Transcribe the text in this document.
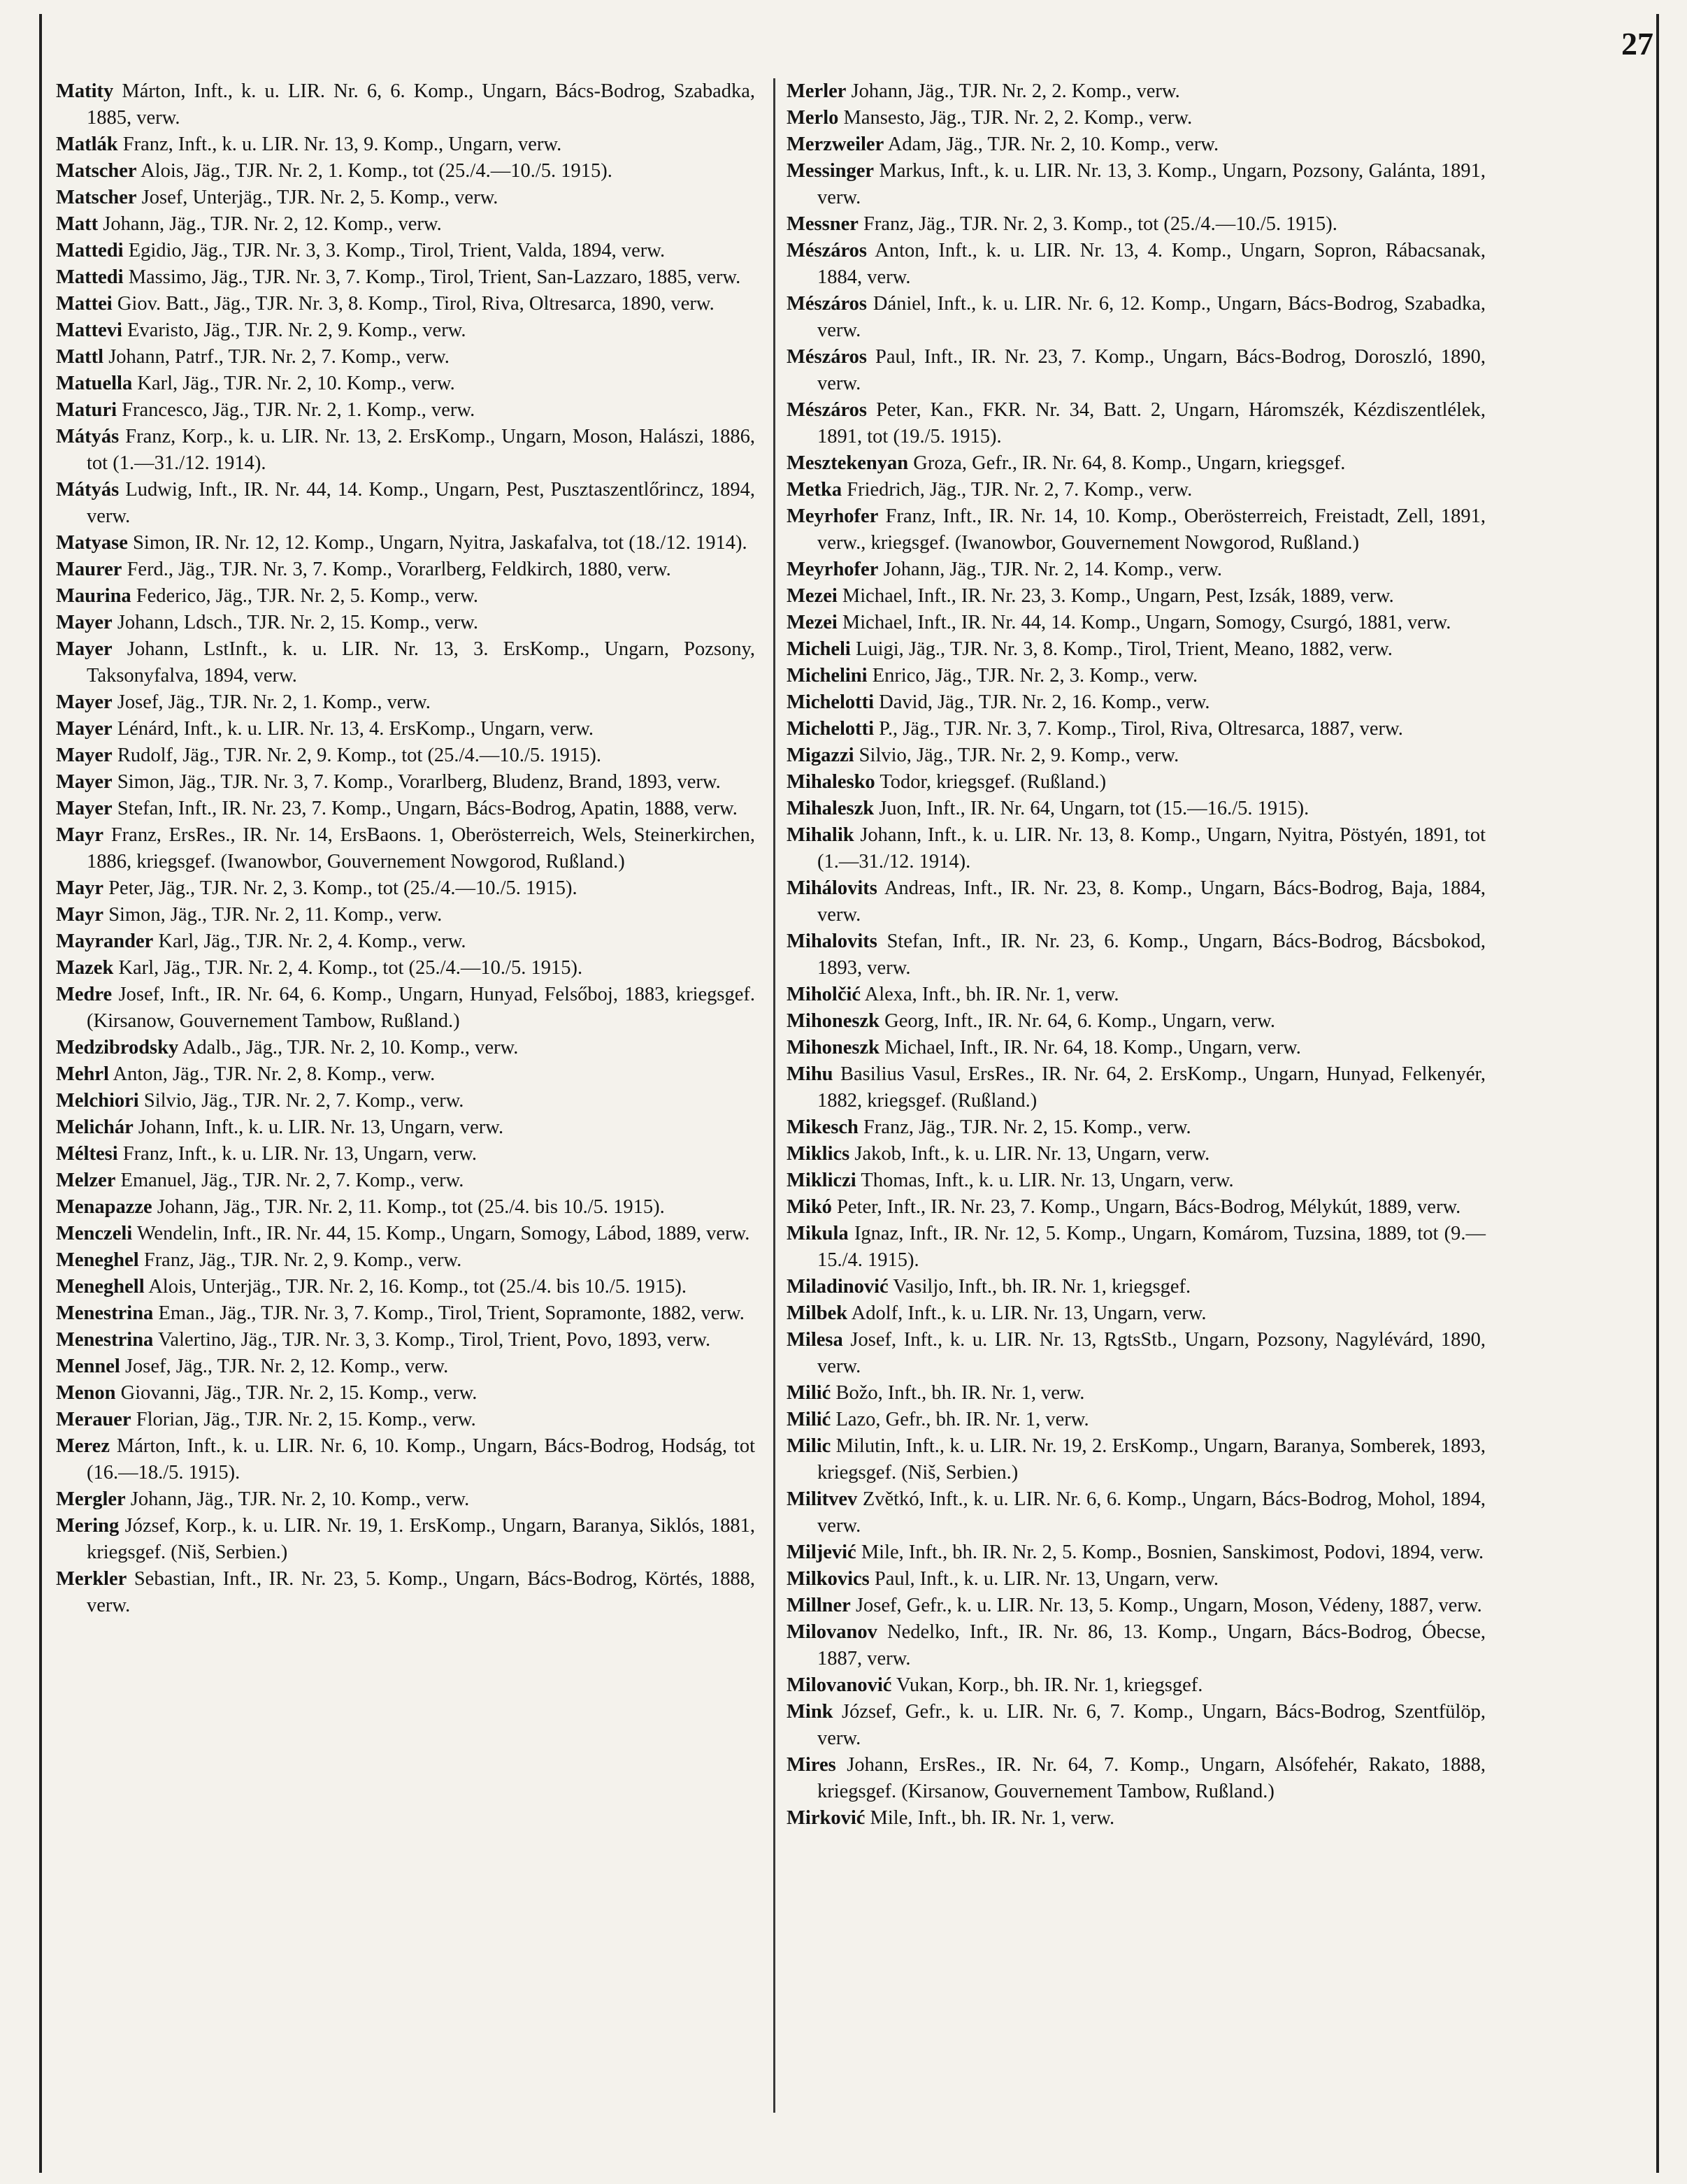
27

Matity Márton, Inft., k. u. LIR. Nr. 6, 6. Komp., Ungarn, Bács-Bodrog, Szabadka, 1885, verw.

Matlák Franz, Inft., k. u. LIR. Nr. 13, 9. Komp., Ungarn, verw.

Matscher Alois, Jäg., TJR. Nr. 2, 1. Komp., tot (25./4.—10./5. 1915).

Matscher Josef, Unterjäg., TJR. Nr. 2, 5. Komp., verw.

Matt Johann, Jäg., TJR. Nr. 2, 12. Komp., verw.

Mattedi Egidio, Jäg., TJR. Nr. 3, 3. Komp., Tirol, Trient, Valda, 1894, verw.

Mattedi Massimo, Jäg., TJR. Nr. 3, 7. Komp., Tirol, Trient, San-Lazzaro, 1885, verw.

Mattei Giov. Batt., Jäg., TJR. Nr. 3, 8. Komp., Tirol, Riva, Oltresarca, 1890, verw.

Mattevi Evaristo, Jäg., TJR. Nr. 2, 9. Komp., verw.

Mattl Johann, Patrf., TJR. Nr. 2, 7. Komp., verw.

Matuella Karl, Jäg., TJR. Nr. 2, 10. Komp., verw.

Maturi Francesco, Jäg., TJR. Nr. 2, 1. Komp., verw.

Mátyás Franz, Korp., k. u. LIR. Nr. 13, 2. ErsKomp., Ungarn, Moson, Halászi, 1886, tot (1.—31./12. 1914).

Mátyás Ludwig, Inft., IR. Nr. 44, 14. Komp., Ungarn, Pest, Pusztaszentlőrincz, 1894, verw.

Matyase Simon, IR. Nr. 12, 12. Komp., Ungarn, Nyitra, Jaskafalva, tot (18./12. 1914).

Maurer Ferd., Jäg., TJR. Nr. 3, 7. Komp., Vorarlberg, Feldkirch, 1880, verw.

Maurina Federico, Jäg., TJR. Nr. 2, 5. Komp., verw.

Mayer Johann, Ldsch., TJR. Nr. 2, 15. Komp., verw.

Mayer Johann, LstInft., k. u. LIR. Nr. 13, 3. ErsKomp., Ungarn, Pozsony, Taksonyfalva, 1894, verw.

Mayer Josef, Jäg., TJR. Nr. 2, 1. Komp., verw.

Mayer Lénárd, Inft., k. u. LIR. Nr. 13, 4. ErsKomp., Ungarn, verw.

Mayer Rudolf, Jäg., TJR. Nr. 2, 9. Komp., tot (25./4.—10./5. 1915).

Mayer Simon, Jäg., TJR. Nr. 3, 7. Komp., Vorarlberg, Bludenz, Brand, 1893, verw.

Mayer Stefan, Inft., IR. Nr. 23, 7. Komp., Ungarn, Bács-Bodrog, Apatin, 1888, verw.

Mayr Franz, ErsRes., IR. Nr. 14, ErsBaons. 1, Oberösterreich, Wels, Steinerkirchen, 1886, kriegsgef. (Iwanowbor, Gouvernement Nowgorod, Rußland.)

Mayr Peter, Jäg., TJR. Nr. 2, 3. Komp., tot (25./4.—10./5. 1915).

Mayr Simon, Jäg., TJR. Nr. 2, 11. Komp., verw.

Mayrander Karl, Jäg., TJR. Nr. 2, 4. Komp., verw.

Mazek Karl, Jäg., TJR. Nr. 2, 4. Komp., tot (25./4.—10./5. 1915).

Medre Josef, Inft., IR. Nr. 64, 6. Komp., Ungarn, Hunyad, Felsőboj, 1883, kriegsgef. (Kirsanow, Gouvernement Tambow, Rußland.)

Medzibrodsky Adalb., Jäg., TJR. Nr. 2, 10. Komp., verw.

Mehrl Anton, Jäg., TJR. Nr. 2, 8. Komp., verw.

Melchiori Silvio, Jäg., TJR. Nr. 2, 7. Komp., verw.

Melichár Johann, Inft., k. u. LIR. Nr. 13, Ungarn, verw.

Méltesi Franz, Inft., k. u. LIR. Nr. 13, Ungarn, verw.

Melzer Emanuel, Jäg., TJR. Nr. 2, 7. Komp., verw.

Menapazze Johann, Jäg., TJR. Nr. 2, 11. Komp., tot (25./4. bis 10./5. 1915).

Menczeli Wendelin, Inft., IR. Nr. 44, 15. Komp., Ungarn, Somogy, Lábod, 1889, verw.

Meneghel Franz, Jäg., TJR. Nr. 2, 9. Komp., verw.

Meneghell Alois, Unterjäg., TJR. Nr. 2, 16. Komp., tot (25./4. bis 10./5. 1915).

Menestrina Eman., Jäg., TJR. Nr. 3, 7. Komp., Tirol, Trient, Sopramonte, 1882, verw.

Menestrina Valertino, Jäg., TJR. Nr. 3, 3. Komp., Tirol, Trient, Povo, 1893, verw.

Mennel Josef, Jäg., TJR. Nr. 2, 12. Komp., verw.

Menon Giovanni, Jäg., TJR. Nr. 2, 15. Komp., verw.

Merauer Florian, Jäg., TJR. Nr. 2, 15. Komp., verw.

Merez Márton, Inft., k. u. LIR. Nr. 6, 10. Komp., Ungarn, Bács-Bodrog, Hodság, tot (16.—18./5. 1915).

Mergler Johann, Jäg., TJR. Nr. 2, 10. Komp., verw.

Mering József, Korp., k. u. LIR. Nr. 19, 1. ErsKomp., Ungarn, Baranya, Siklós, 1881, kriegsgef. (Niš, Serbien.)

Merkler Sebastian, Inft., IR. Nr. 23, 5. Komp., Ungarn, Bács-Bodrog, Körtés, 1888, verw.

Merler Johann, Jäg., TJR. Nr. 2, 2. Komp., verw.

Merlo Mansesto, Jäg., TJR. Nr. 2, 2. Komp., verw.

Merzweiler Adam, Jäg., TJR. Nr. 2, 10. Komp., verw.

Messinger Markus, Inft., k. u. LIR. Nr. 13, 3. Komp., Ungarn, Pozsony, Galánta, 1891, verw.

Messner Franz, Jäg., TJR. Nr. 2, 3. Komp., tot (25./4.—10./5. 1915).

Mészáros Anton, Inft., k. u. LIR. Nr. 13, 4. Komp., Ungarn, Sopron, Rábacsanak, 1884, verw.

Mészáros Dániel, Inft., k. u. LIR. Nr. 6, 12. Komp., Ungarn, Bács-Bodrog, Szabadka, verw.

Mészáros Paul, Inft., IR. Nr. 23, 7. Komp., Ungarn, Bács-Bodrog, Doroszló, 1890, verw.

Mészáros Peter, Kan., FKR. Nr. 34, Batt. 2, Ungarn, Háromszék, Kézdiszentlélek, 1891, tot (19./5. 1915).

Mesztekenyan Groza, Gefr., IR. Nr. 64, 8. Komp., Ungarn, kriegsgef.

Metka Friedrich, Jäg., TJR. Nr. 2, 7. Komp., verw.

Meyrhofer Franz, Inft., IR. Nr. 14, 10. Komp., Oberösterreich, Freistadt, Zell, 1891, verw., kriegsgef. (Iwanowbor, Gouvernement Nowgorod, Rußland.)

Meyrhofer Johann, Jäg., TJR. Nr. 2, 14. Komp., verw.

Mezei Michael, Inft., IR. Nr. 23, 3. Komp., Ungarn, Pest, Izsák, 1889, verw.

Mezei Michael, Inft., IR. Nr. 44, 14. Komp., Ungarn, Somogy, Csurgó, 1881, verw.

Micheli Luigi, Jäg., TJR. Nr. 3, 8. Komp., Tirol, Trient, Meano, 1882, verw.

Michelini Enrico, Jäg., TJR. Nr. 2, 3. Komp., verw.

Michelotti David, Jäg., TJR. Nr. 2, 16. Komp., verw.

Michelotti P., Jäg., TJR. Nr. 3, 7. Komp., Tirol, Riva, Oltresarca, 1887, verw.

Migazzi Silvio, Jäg., TJR. Nr. 2, 9. Komp., verw.

Mihalesko Todor, kriegsgef. (Rußland.)

Mihaleszk Juon, Inft., IR. Nr. 64, Ungarn, tot (15.—16./5. 1915).

Mihalik Johann, Inft., k. u. LIR. Nr. 13, 8. Komp., Ungarn, Nyitra, Pöstyén, 1891, tot (1.—31./12. 1914).

Mihálovits Andreas, Inft., IR. Nr. 23, 8. Komp., Ungarn, Bács-Bodrog, Baja, 1884, verw.

Mihalovits Stefan, Inft., IR. Nr. 23, 6. Komp., Ungarn, Bács-Bodrog, Bácsbokod, 1893, verw.

Miholčić Alexa, Inft., bh. IR. Nr. 1, verw.

Mihoneszk Georg, Inft., IR. Nr. 64, 6. Komp., Ungarn, verw.

Mihoneszk Michael, Inft., IR. Nr. 64, 18. Komp., Ungarn, verw.

Mihu Basilius Vasul, ErsRes., IR. Nr. 64, 2. ErsKomp., Ungarn, Hunyad, Felkenyér, 1882, kriegsgef. (Rußland.)

Mikesch Franz, Jäg., TJR. Nr. 2, 15. Komp., verw.

Miklics Jakob, Inft., k. u. LIR. Nr. 13, Ungarn, verw.

Mikliczi Thomas, Inft., k. u. LIR. Nr. 13, Ungarn, verw.

Mikó Peter, Inft., IR. Nr. 23, 7. Komp., Ungarn, Bács-Bodrog, Mélykút, 1889, verw.

Mikula Ignaz, Inft., IR. Nr. 12, 5. Komp., Ungarn, Komárom, Tuzsina, 1889, tot (9.—15./4. 1915).

Miladinović Vasiljo, Inft., bh. IR. Nr. 1, kriegsgef.

Milbek Adolf, Inft., k. u. LIR. Nr. 13, Ungarn, verw.

Milesa Josef, Inft., k. u. LIR. Nr. 13, RgtsStb., Ungarn, Pozsony, Nagylévárd, 1890, verw.

Milić Božo, Inft., bh. IR. Nr. 1, verw.

Milić Lazo, Gefr., bh. IR. Nr. 1, verw.

Milic Milutin, Inft., k. u. LIR. Nr. 19, 2. ErsKomp., Ungarn, Baranya, Somberek, 1893, kriegsgef. (Niš, Serbien.)

Militvev Zvětkó, Inft., k. u. LIR. Nr. 6, 6. Komp., Ungarn, Bács-Bodrog, Mohol, 1894, verw.

Miljević Mile, Inft., bh. IR. Nr. 2, 5. Komp., Bosnien, Sanskimost, Podovi, 1894, verw.

Milkovics Paul, Inft., k. u. LIR. Nr. 13, Ungarn, verw.

Millner Josef, Gefr., k. u. LIR. Nr. 13, 5. Komp., Ungarn, Moson, Védeny, 1887, verw.

Milovanov Nedelko, Inft., IR. Nr. 86, 13. Komp., Ungarn, Bács-Bodrog, Óbecse, 1887, verw.

Milovanović Vukan, Korp., bh. IR. Nr. 1, kriegsgef.

Mink József, Gefr., k. u. LIR. Nr. 6, 7. Komp., Ungarn, Bács-Bodrog, Szentfülöp, verw.

Mires Johann, ErsRes., IR. Nr. 64, 7. Komp., Ungarn, Alsófehér, Rakato, 1888, kriegsgef. (Kirsanow, Gouvernement Tambow, Rußland.)

Mirković Mile, Inft., bh. IR. Nr. 1, verw.
